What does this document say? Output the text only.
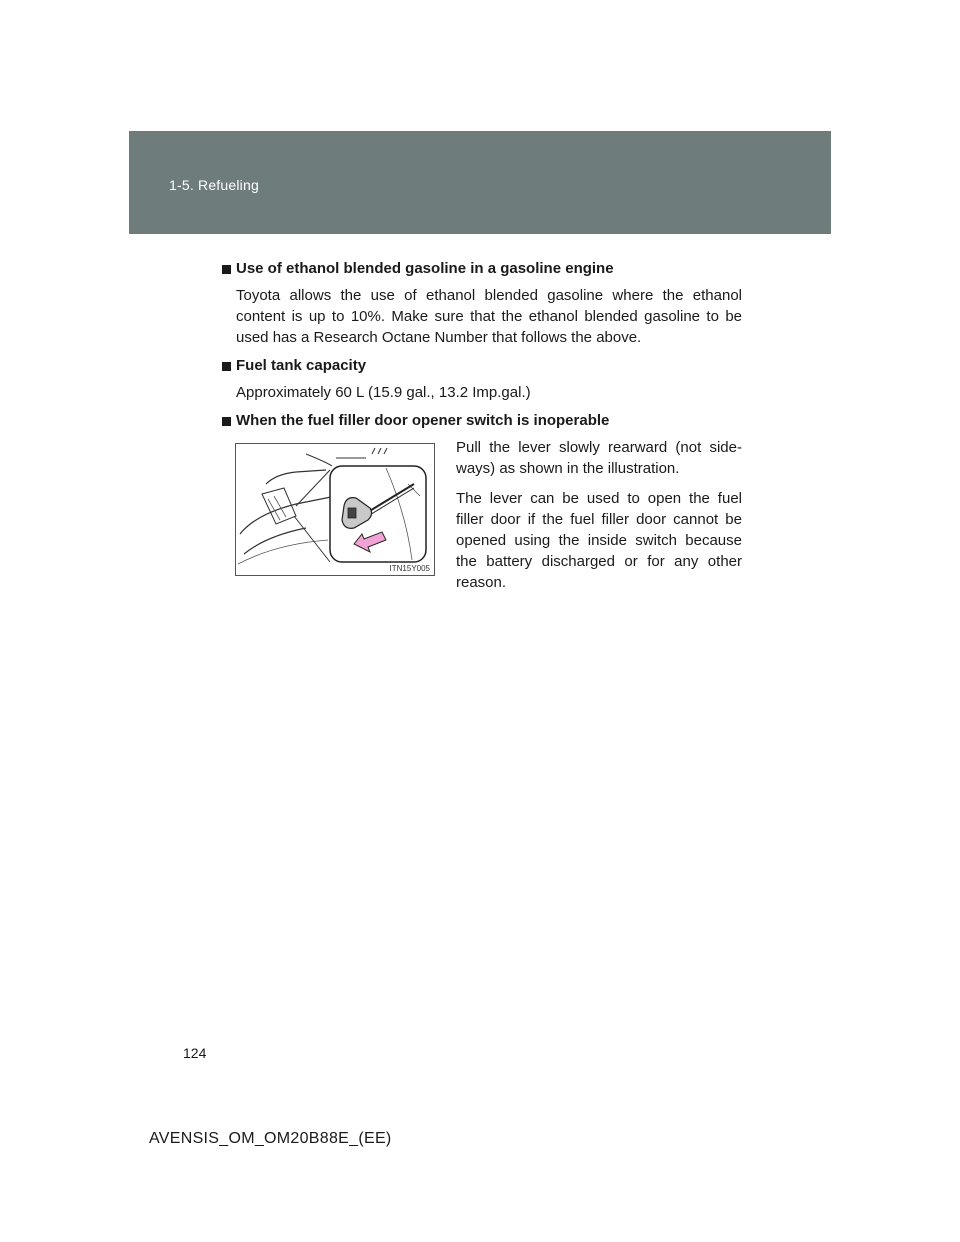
1-5. Refueling
Use of ethanol blended gasoline in a gasoline engine

Toyota allows the use of ethanol blended gasoline where the ethanol content is up to 10%. Make sure that the ethanol blended gasoline to be used has a Research Octane Number that follows the above.

Fuel tank capacity

Approximately 60 L (15.9 gal., 13.2 Imp.gal.)

When the fuel filler door opener switch is inoperable
ITN15Y005

Pull the lever slowly rearward (not side-ways) as shown in the illustration.

The lever can be used to open the fuel filler door if the fuel filler door cannot be opened using the inside switch because the battery discharged or for any other reason.

124
AVENSIS_OM_OM20B88E_(EE)
